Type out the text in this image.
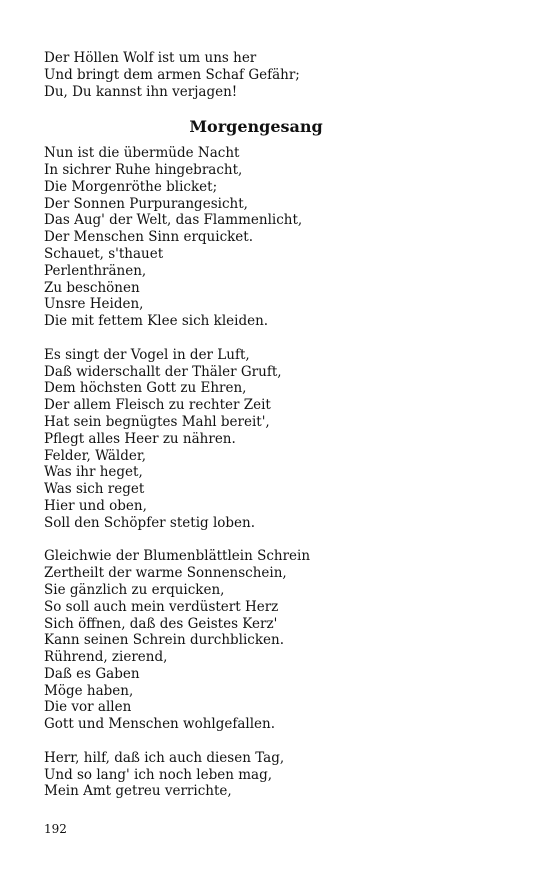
Der Höllen Wolf ist um uns her
Und bringt dem armen Schaf Gefähr;
Du, Du kannst ihn verjagen!
Morgengesang
Nun ist die übermüde Nacht
In sichrer Ruhe hingebracht,
Die Morgenröthe blicket;
Der Sonnen Purpurangesicht,
Das Aug' der Welt, das Flammenlicht,
Der Menschen Sinn erquicket.
Schauet, s'thauet
Perlenthränen,
Zu beschönen
Unsre Heiden,
Die mit fettem Klee sich kleiden.
Es singt der Vogel in der Luft,
Daß widerschallt der Thäler Gruft,
Dem höchsten Gott zu Ehren,
Der allem Fleisch zu rechter Zeit
Hat sein begnügtes Mahl bereit',
Pflegt alles Heer zu nähren.
Felder, Wälder,
Was ihr heget,
Was sich reget
Hier und oben,
Soll den Schöpfer stetig loben.
Gleichwie der Blumenblättlein Schrein
Zertheilt der warme Sonnenschein,
Sie gänzlich zu erquicken,
So soll auch mein verdüstert Herz
Sich öffnen, daß des Geistes Kerz'
Kann seinen Schrein durchblicken.
Rührend, zierend,
Daß es Gaben
Möge haben,
Die vor allen
Gott und Menschen wohlgefallen.
Herr, hilf, daß ich auch diesen Tag,
Und so lang' ich noch leben mag,
Mein Amt getreu verrichte,
192
